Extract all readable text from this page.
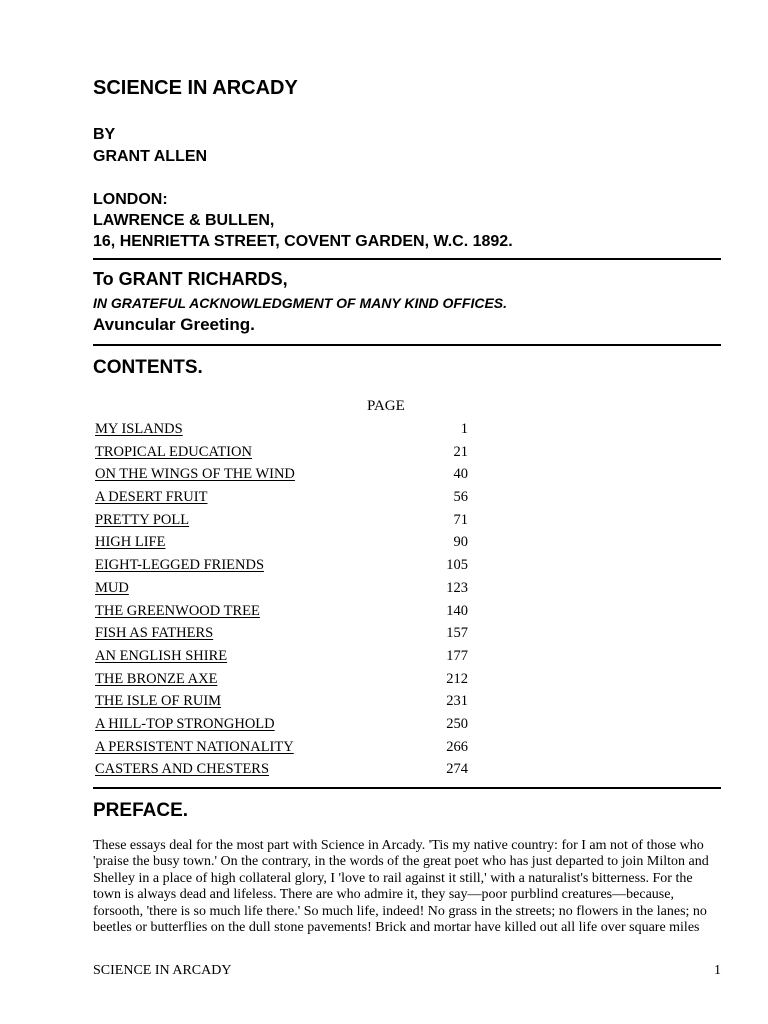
SCIENCE IN ARCADY
BY
GRANT ALLEN
LONDON:
LAWRENCE & BULLEN,
16, HENRIETTA STREET, COVENT GARDEN, W.C. 1892.
To GRANT RICHARDS,
IN GRATEFUL ACKNOWLEDGMENT OF MANY KIND OFFICES.
Avuncular Greeting.
CONTENTS.
PAGE
MY ISLANDS	1
TROPICAL EDUCATION	21
ON THE WINGS OF THE WIND	40
A DESERT FRUIT	56
PRETTY POLL	71
HIGH LIFE	90
EIGHT-LEGGED FRIENDS	105
MUD	123
THE GREENWOOD TREE	140
FISH AS FATHERS	157
AN ENGLISH SHIRE	177
THE BRONZE AXE	212
THE ISLE OF RUIM	231
A HILL-TOP STRONGHOLD	250
A PERSISTENT NATIONALITY	266
CASTERS AND CHESTERS	274
PREFACE.

These essays deal for the most part with Science in Arcady. 'Tis my native country: for I am not of those who 'praise the busy town.' On the contrary, in the words of the great poet who has just departed to join Milton and Shelley in a place of high collateral glory, I 'love to rail against it still,' with a naturalist's bitterness. For the town is always dead and lifeless. There are who admire it, they say—poor purblind creatures—because, forsooth, 'there is so much life there.' So much life, indeed! No grass in the streets; no flowers in the lanes; no beetles or butterflies on the dull stone pavements! Brick and mortar have killed out all life over square miles

SCIENCE IN ARCADY	1
